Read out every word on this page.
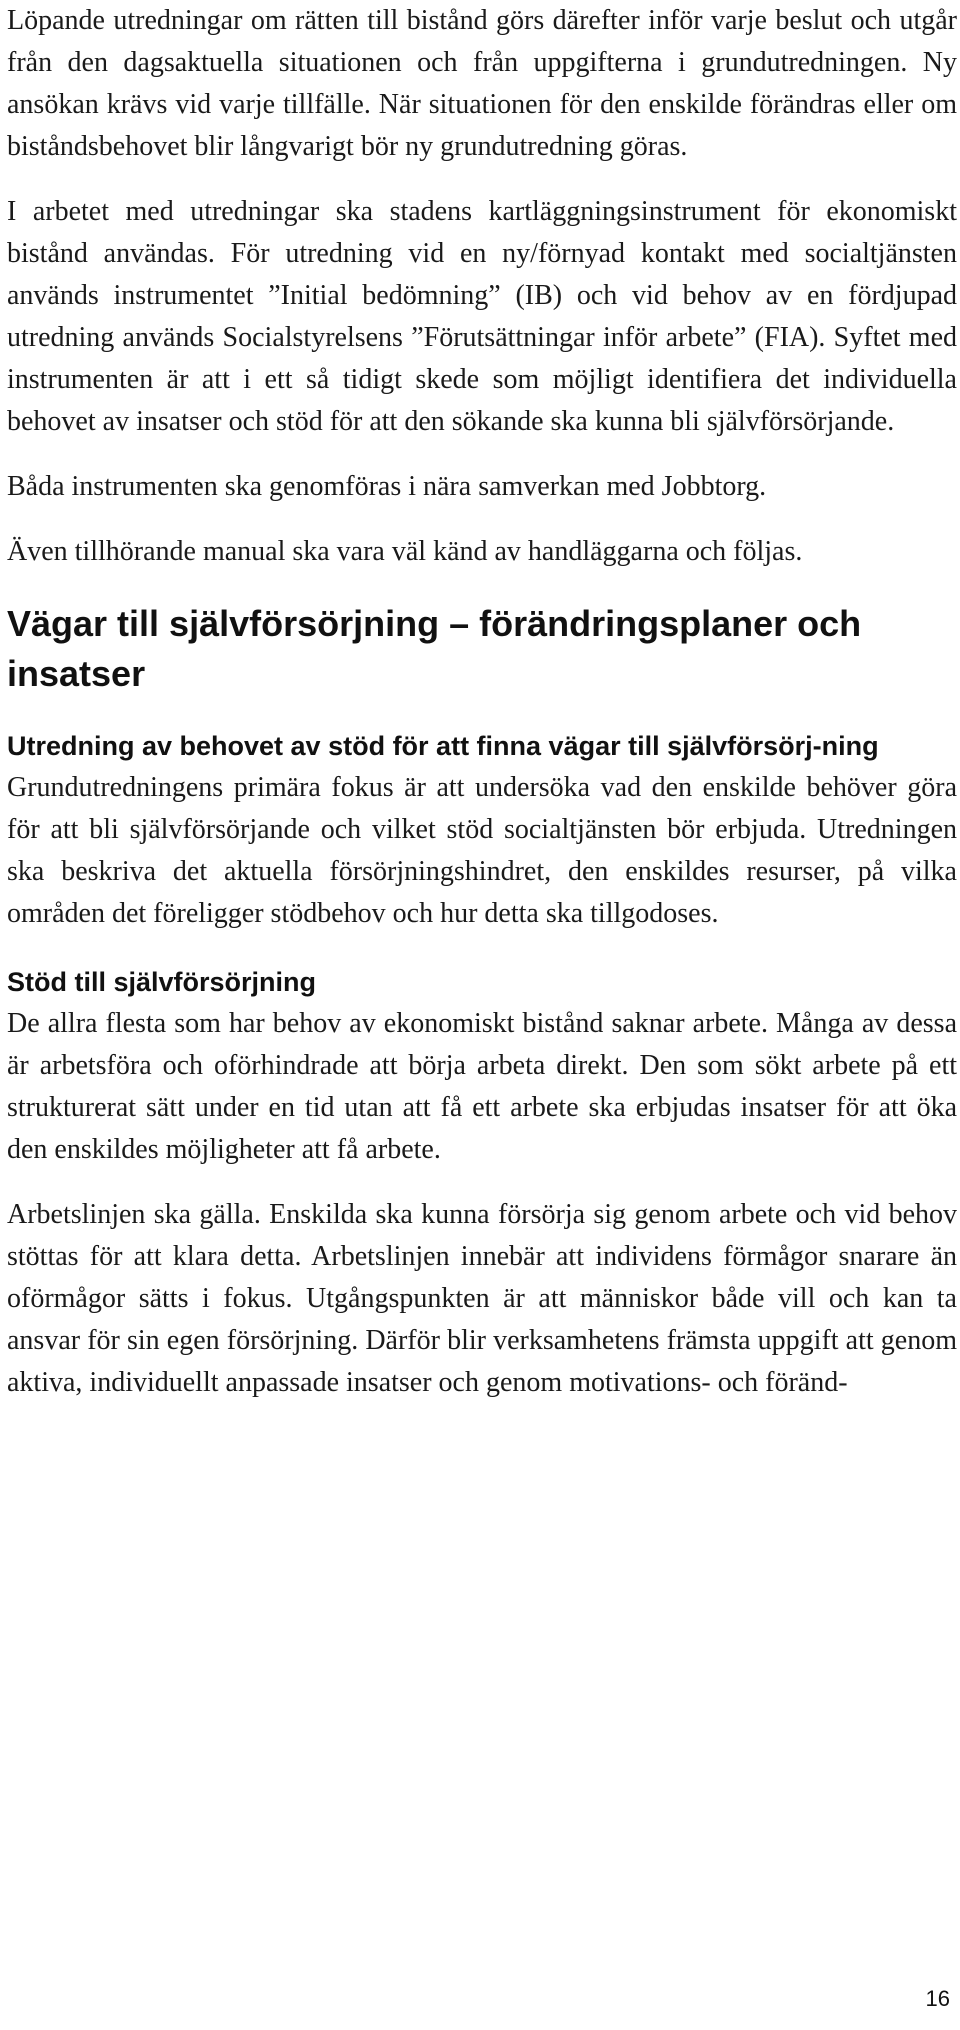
Löpande utredningar om rätten till bistånd görs därefter inför varje beslut och utgår från den dagsaktuella situationen och från uppgifterna i grundutredningen. Ny ansökan krävs vid varje tillfälle. När situationen för den enskilde förändras eller om biståndsbehovet blir långvarigt bör ny grundutredning göras.

I arbetet med utredningar ska stadens kartläggningsinstrument för ekonomiskt bistånd användas. För utredning vid en ny/förnyad kontakt med socialtjänsten används instrumentet ”Initial bedömning” (IB) och vid behov av en fördjupad utredning används Socialstyrelsens ”Förutsättningar inför arbete” (FIA). Syftet med instrumenten är att i ett så tidigt skede som möjligt identifiera det individuella behovet av insatser och stöd för att den sökande ska kunna bli självförsörjande.

Båda instrumenten ska genomföras i nära samverkan med Jobbtorg.

Även tillhörande manual ska vara väl känd av handläggarna och följas.

Vägar till självförsörjning – förändringsplaner och insatser
Utredning av behovet av stöd för att finna vägar till självförsörj-ning

Grundutredningens primära fokus är att undersöka vad den enskilde behöver göra för att bli självförsörjande och vilket stöd socialtjänsten bör erbjuda. Utredningen ska beskriva det aktuella försörjningshindret, den enskildes resurser, på vilka områden det föreligger stödbehov och hur detta ska tillgodoses.

Stöd till självförsörjning

De allra flesta som har behov av ekonomiskt bistånd saknar arbete. Många av dessa är arbetsföra och oförhindrade att börja arbeta direkt. Den som sökt arbete på ett strukturerat sätt under en tid utan att få ett arbete ska erbjudas insatser för att öka den enskildes möjligheter att få arbete.

Arbetslinjen ska gälla. Enskilda ska kunna försörja sig genom arbete och vid behov stöttas för att klara detta. Arbetslinjen innebär att individens förmågor snarare än oförmågor sätts i fokus. Utgångspunkten är att människor både vill och kan ta ansvar för sin egen försörjning. Därför blir verksamhetens främsta uppgift att genom aktiva, individuellt anpassade insatser och genom motivations- och föränd-

16
